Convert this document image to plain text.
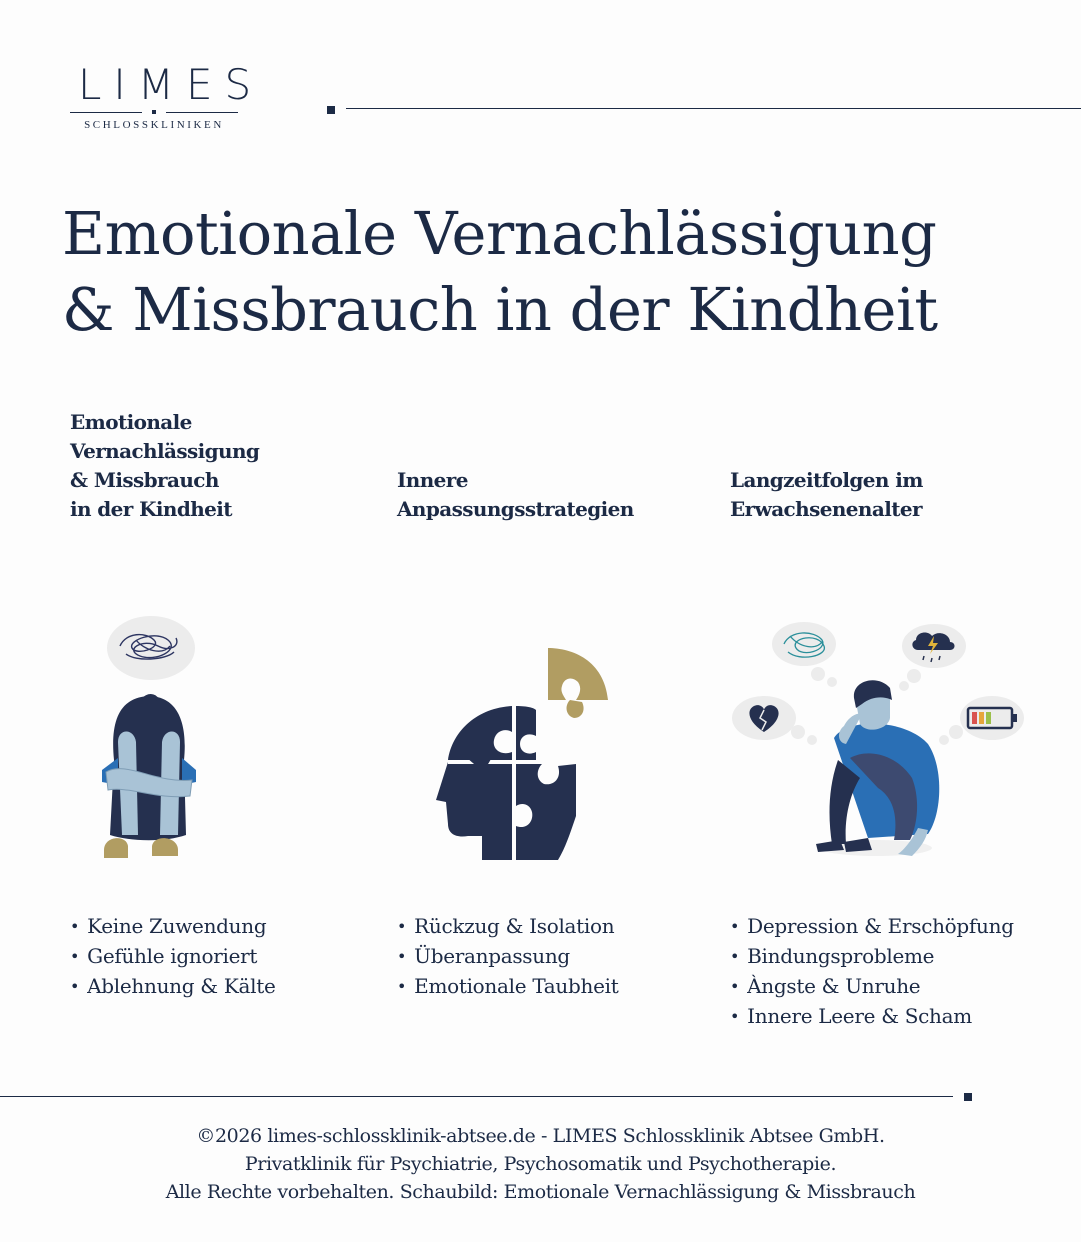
LIMES
SCHLOSSKLINIKEN
Emotionale Vernachlässigung
& Missbrauch in der Kindheit
Emotionale
Vernachlässigung
& Missbrauch
in der Kindheit
Innere
Anpassungsstrategien
Langzeitfolgen im
Erwachsenenalter
• Keine Zuwendung
• Gefühle ignoriert
• Ablehnung & Kälte
• Rückzug & Isolation
• Überanpassung
• Emotionale Taubheit
• Depression & Erschöpfung
• Bindungsprobleme
• Àngste & Unruhe
• Innere Leere & Scham
©2026 limes-schlossklinik-abtsee.de - LIMES Schlossklinik Abtsee GmbH.
Privatklinik für Psychiatrie, Psychosomatik und Psychotherapie.
Alle Rechte vorbehalten. Schaubild: Emotionale Vernachlässigung & Missbrauch
